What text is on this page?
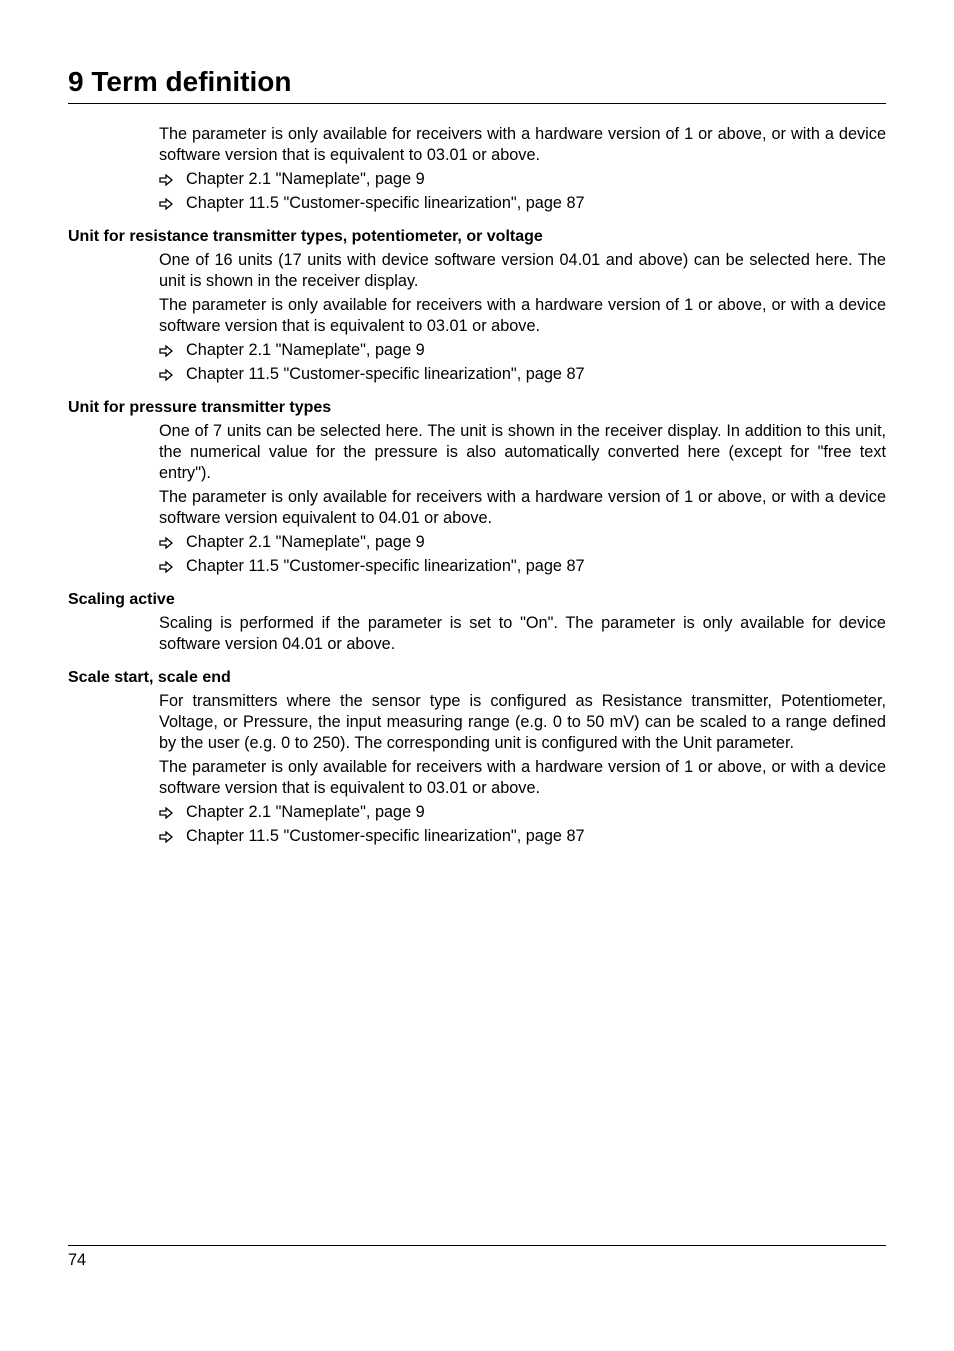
9 Term definition

The parameter is only available for receivers with a hardware version of 1 or above, or with a device software version that is equivalent to 03.01 or above.

Chapter 2.1 "Nameplate", page 9
Chapter 11.5 "Customer-specific linearization", page 87
Unit for resistance transmitter types, potentiometer, or voltage

One of 16 units (17 units with device software version 04.01 and above) can be selected here. The unit is shown in the receiver display.

The parameter is only available for receivers with a hardware version of 1 or above, or with a device software version that is equivalent to 03.01 or above.

Chapter 2.1 "Nameplate", page 9
Chapter 11.5 "Customer-specific linearization", page 87
Unit for pressure transmitter types

One of 7 units can be selected here. The unit is shown in the receiver display. In addition to this unit, the numerical value for the pressure is also automatically converted here (except for "free text entry").

The parameter is only available for receivers with a hardware version of 1 or above, or with a device software version equivalent to 04.01 or above.

Chapter 2.1 "Nameplate", page 9
Chapter 11.5 "Customer-specific linearization", page 87
Scaling active

Scaling is performed if the parameter is set to "On". The parameter is only available for device software version 04.01 or above.

Scale start, scale end

For transmitters where the sensor type is configured as Resistance transmitter, Potentiometer, Voltage, or Pressure, the input measuring range (e.g. 0 to 50 mV) can be scaled to a range defined by the user (e.g. 0 to 250). The corresponding unit is configured with the Unit parameter.

The parameter is only available for receivers with a hardware version of 1 or above, or with a device software version that is equivalent to 03.01 or above.

Chapter 2.1 "Nameplate", page 9
Chapter 11.5 "Customer-specific linearization", page 87
74
